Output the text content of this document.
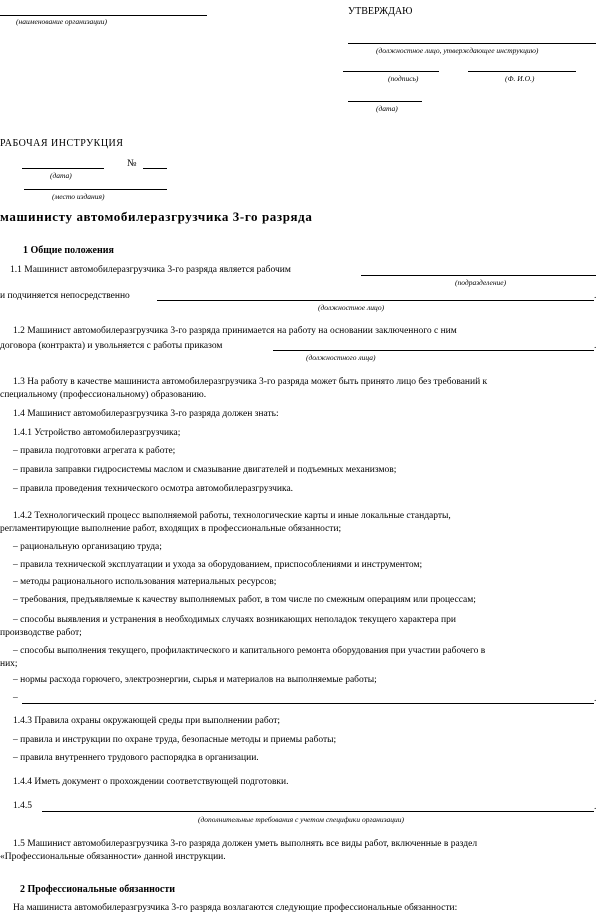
(наименование организации)
УТВЕРЖДАЮ
(должностное лицо, утверждающее инструкцию)
(подпись)	(Ф. И.О.)
(дата)
РАБОЧАЯ ИНСТРУКЦИЯ
№
(дата)
(место издания)
машинисту автомобилеразгрузчика 3-го разряда
1 Общие положения
1.1 Машинист автомобилеразгрузчика 3-го разряда является рабочим
(подразделение)
и подчиняется непосредственно	.
(должностное лицо)
1.2 Машинист автомобилеразгрузчика 3-го разряда принимается на работу на основании заключенного с ним
договора (контракта) и увольняется с работы приказом	.
(должностного лица)
1.3 На работу в качестве машиниста автомобилеразгрузчика 3-го разряда может быть принято лицо без требований к
специальному (профессиональному) образованию.
1.4 Машинист автомобилеразгрузчика 3-го разряда должен знать:
1.4.1 Устройство автомобилеразгрузчика;
– правила подготовки агрегата к работе;
– правила заправки гидросистемы маслом и смазывание двигателей и подъемных механизмов;
– правила проведения технического осмотра автомобилеразгрузчика.
1.4.2 Технологический процесс выполняемой работы, технологические карты и иные локальные стандарты,
регламентирующие выполнение работ, входящих в профессиональные обязанности;
– рациональную организацию труда;
– правила технической эксплуатации и ухода за оборудованием, приспособлениями и инструментом;
– методы рационального использования материальных ресурсов;
– требования, предъявляемые к качеству выполняемых работ, в том числе по смежным операциям или процессам;
– способы выявления и устранения в необходимых случаях возникающих неполадок текущего характера при
производстве работ;
– способы выполнения текущего, профилактического и капитального ремонта оборудования при участии рабочего в
них;
– нормы расхода горючего, электроэнергии, сырья и материалов на выполняемые работы;
–	.
1.4.3 Правила охраны окружающей среды при выполнении работ;
– правила и инструкции по охране труда, безопасные методы и приемы работы;
– правила внутреннего трудового распорядка в организации.
1.4.4 Иметь документ о прохождении соответствующей подготовки.
1.4.5	.
(дополнительные требования с учетом специфики организации)
1.5 Машинист автомобилеразгрузчика 3-го разряда должен уметь выполнять все виды работ, включенные в раздел
«Профессиональные обязанности» данной инструкции.
2 Профессиональные обязанности
На машиниста автомобилеразгрузчика 3-го разряда возлагаются следующие профессиональные обязанности:
